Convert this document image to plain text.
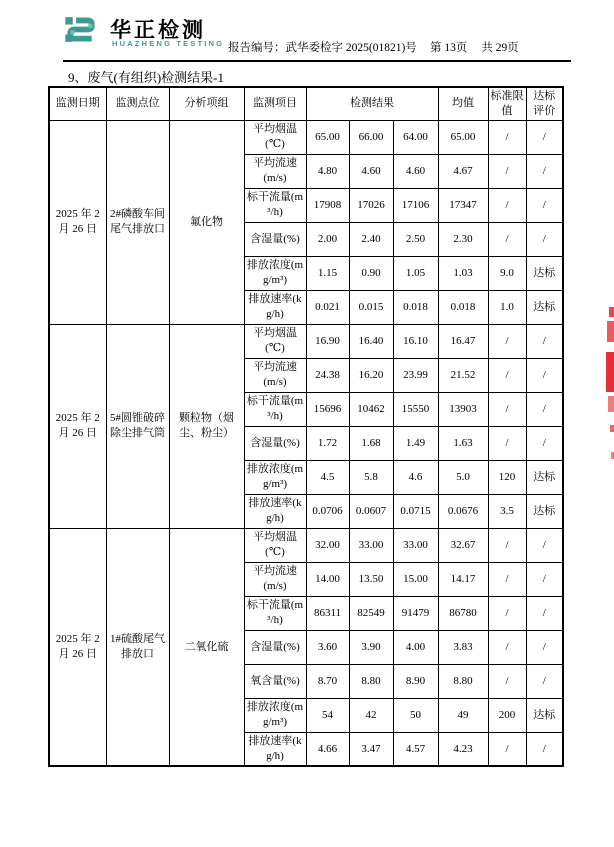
华正检测
HUAZHENG TESTING 报告编号：武华委检字 2025(01821)号 第 13页 共 29页
9、废气(有组织)检测结果-1
监测日期	监测点位	分析项组	监测项目	检测结果			均值	标准限值	达标评价
2025 年 2 月 26 日	2#磷酸车间尾气排放口	氟化物	平均烟温(℃)	65.00	66.00	64.00	65.00	/	/
			平均流速(m/s)	4.80	4.60	4.60	4.67	/	/
			标干流量(m³/h)	17908	17026	17106	17347	/	/
			含湿量(%)	2.00	2.40	2.50	2.30	/	/
			排放浓度(mg/m³)	1.15	0.90	1.05	1.03	9.0	达标
			排放速率(kg/h)	0.021	0.015	0.018	0.018	1.0	达标
2025 年 2 月 26 日	5#圆锥破碎除尘排气筒	颗粒物（烟尘、粉尘）	平均烟温(℃)	16.90	16.40	16.10	16.47	/	/
			平均流速(m/s)	24.38	16.20	23.99	21.52	/	/
			标干流量(m³/h)	15696	10462	15550	13903	/	/
			含湿量(%)	1.72	1.68	1.49	1.63	/	/
			排放浓度(mg/m³)	4.5	5.8	4.6	5.0	120	达标
			排放速率(kg/h)	0.0706	0.0607	0.0715	0.0676	3.5	达标
2025 年 2 月 26 日	1#硫酸尾气排放口	二氧化硫	平均烟温(℃)	32.00	33.00	33.00	32.67	/	/
			平均流速(m/s)	14.00	13.50	15.00	14.17	/	/
			标干流量(m³/h)	86311	82549	91479	86780	/	/
			含湿量(%)	3.60	3.90	4.00	3.83	/	/
			氧含量(%)	8.70	8.80	8.90	8.80	/	/
			排放浓度(mg/m³)	54	42	50	49	200	达标
			排放速率(kg/h)	4.66	3.47	4.57	4.23	/	/
